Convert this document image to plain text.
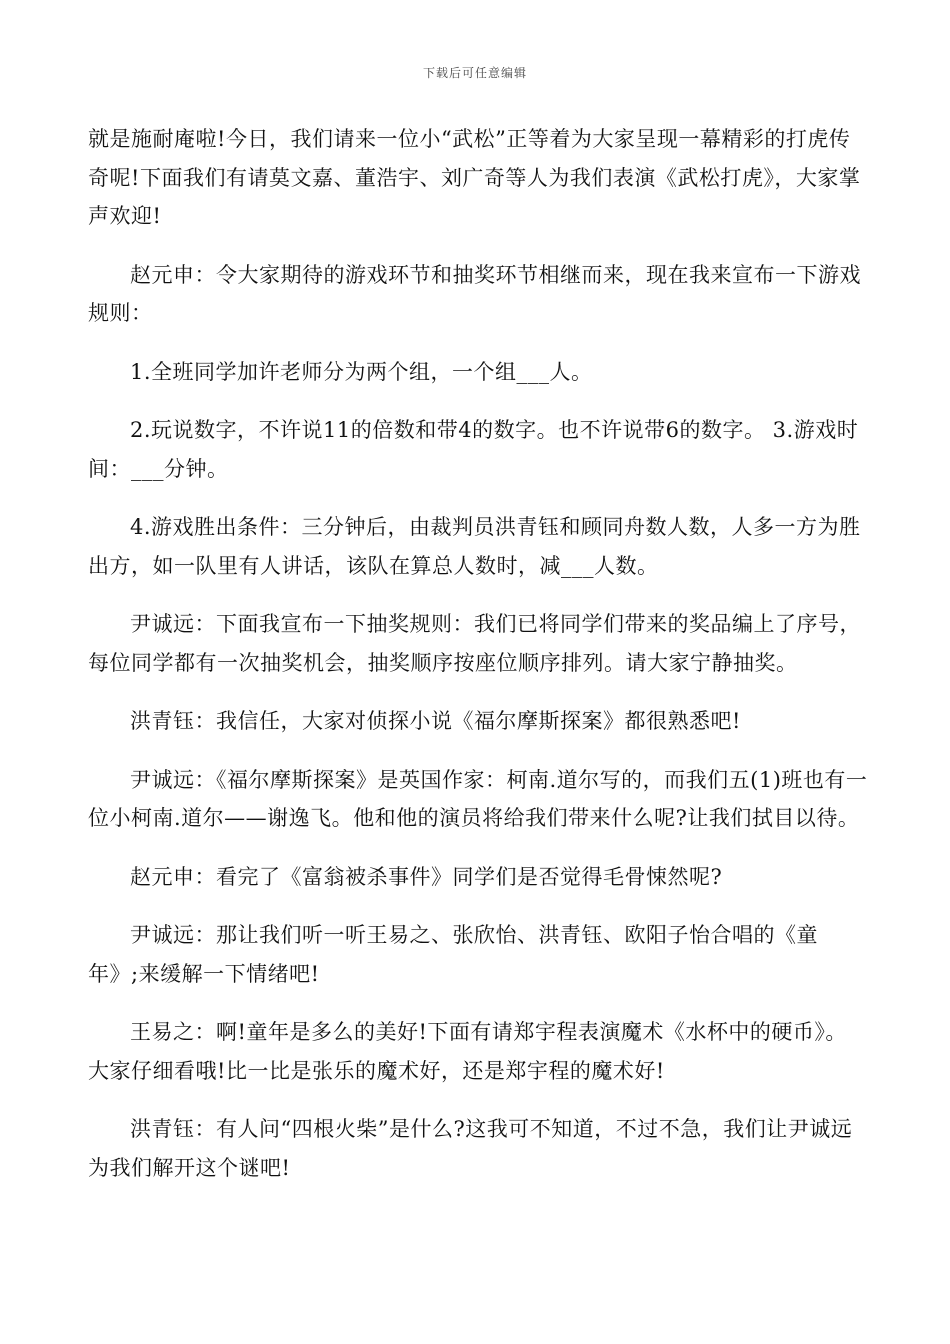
下载后可任意编辑

就是施耐庵啦!今日，我们请来一位小“武松”正等着为大家呈现一幕精彩的打虎传奇呢!下面我们有请莫文嘉、董浩宇、刘广奇等人为我们表演《武松打虎》，大家掌声欢迎!

赵元申：令大家期待的游戏环节和抽奖环节相继而来，现在我来宣布一下游戏规则：

1.全班同学加许老师分为两个组，一个组___人。

2.玩说数字，不许说11的倍数和带4的数字。也不许说带6的数字。 3.游戏时间：___分钟。

4.游戏胜出条件：三分钟后，由裁判员洪青钰和顾同舟数人数，人多一方为胜出方，如一队里有人讲话，该队在算总人数时，减___人数。

尹诚远：下面我宣布一下抽奖规则：我们已将同学们带来的奖品编上了序号，每位同学都有一次抽奖机会，抽奖顺序按座位顺序排列。请大家宁静抽奖。

洪青钰：我信任，大家对侦探小说《福尔摩斯探案》都很熟悉吧!

尹诚远：《福尔摩斯探案》是英国作家：柯南.道尔写的，而我们五(1)班也有一位小柯南.道尔——谢逸飞。他和他的演员将给我们带来什么呢?让我们拭目以待。

赵元申：看完了《富翁被杀事件》同学们是否觉得毛骨悚然呢?

尹诚远：那让我们听一听王易之、张欣怡、洪青钰、欧阳子怡合唱的《童年》;来缓解一下情绪吧!

王易之：啊!童年是多么的美好!下面有请郑宇程表演魔术《水杯中的硬币》。大家仔细看哦!比一比是张乐的魔术好，还是郑宇程的魔术好!

洪青钰：有人问“四根火柴”是什么?这我可不知道，不过不急，我们让尹诚远为我们解开这个谜吧!
